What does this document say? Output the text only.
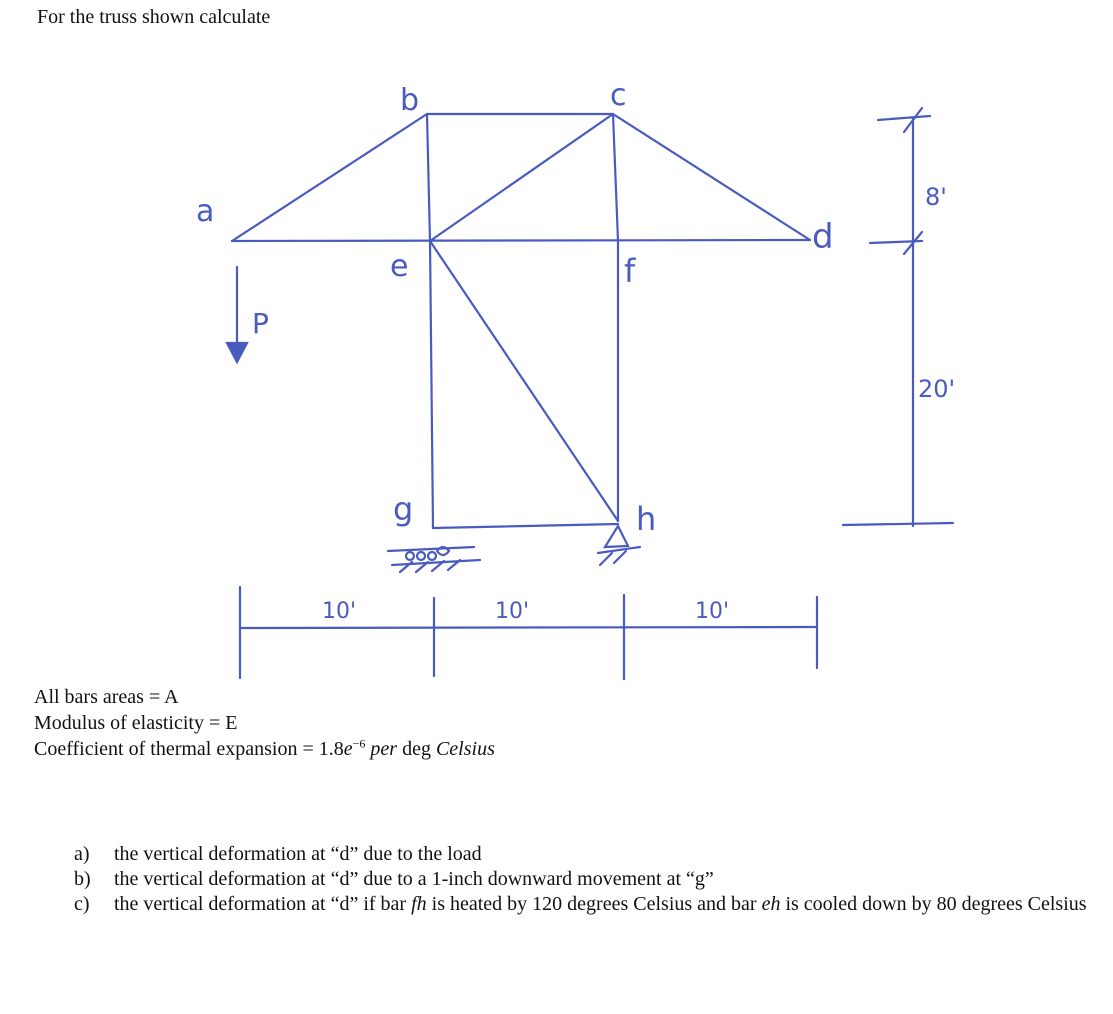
For the truss shown calculate

a
b	c
d
e	f
g	h
P
8'
20'
10'	10'	10'
All bars areas = A
Modulus of elasticity = E
Coefficient of thermal expansion = $1.8e^{-6}$ per deg Celsius
a)	the vertical deformation at “d” due to the load
b)	the vertical deformation at “d” due to a 1-inch downward movement at “g”
c)	the vertical deformation at “d” if bar fh is heated by 120 degrees Celsius and bar eh is cooled down by 80 degrees Celsius
